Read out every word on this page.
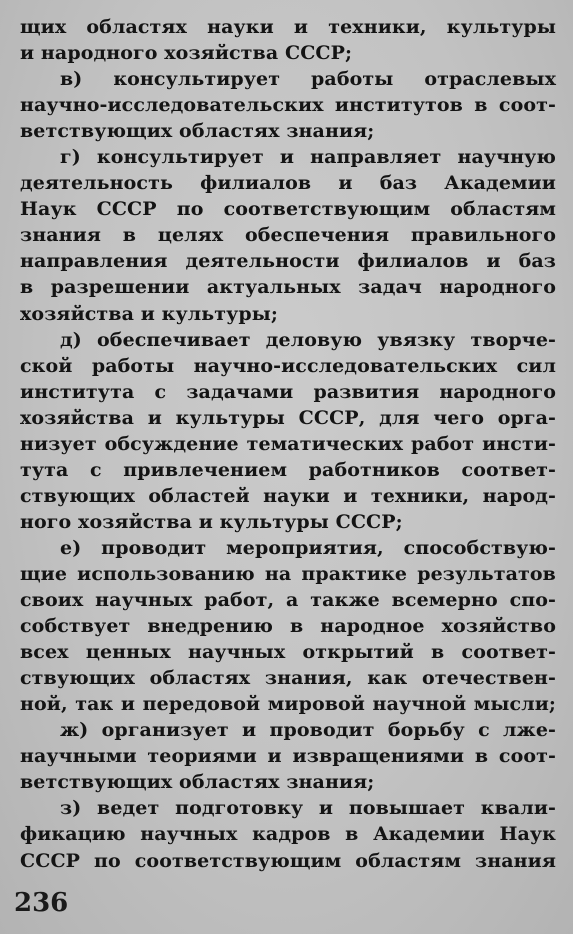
щих областях науки и техники, культуры
и народного хозяйства СССР;
в) консультирует работы отраслевых
научно-исследовательских институтов в соот-
ветствующих областях знания;
г) консультирует и направляет научную
деятельность филиалов и баз Академии
Наук СССР по соответствующим областям
знания в целях обеспечения правильного
направления деятельности филиалов и баз
в разрешении актуальных задач народного
хозяйства и культуры;
д) обеспечивает деловую увязку творче-
ской работы научно-исследовательских сил
института с задачами развития народного
хозяйства и культуры СССР, для чего орга-
низует обсуждение тематических работ инсти-
тута с привлечением работников соответ-
ствующих областей науки и техники, народ-
ного хозяйства и культуры СССР;
е) проводит мероприятия, способствую-
щие использованию на практике результатов
своих научных работ, а также всемерно спо-
собствует внедрению в народное хозяйство
всех ценных научных открытий в соответ-
ствующих областях знания, как отечествен-
ной, так и передовой мировой научной мысли;
ж) организует и проводит борьбу с лже-
научными теориями и извращениями в соот-
ветствующих областях знания;
з) ведет подготовку и повышает квали-
фикацию научных кадров в Академии Наук
СССР по соответствующим областям знания
236
